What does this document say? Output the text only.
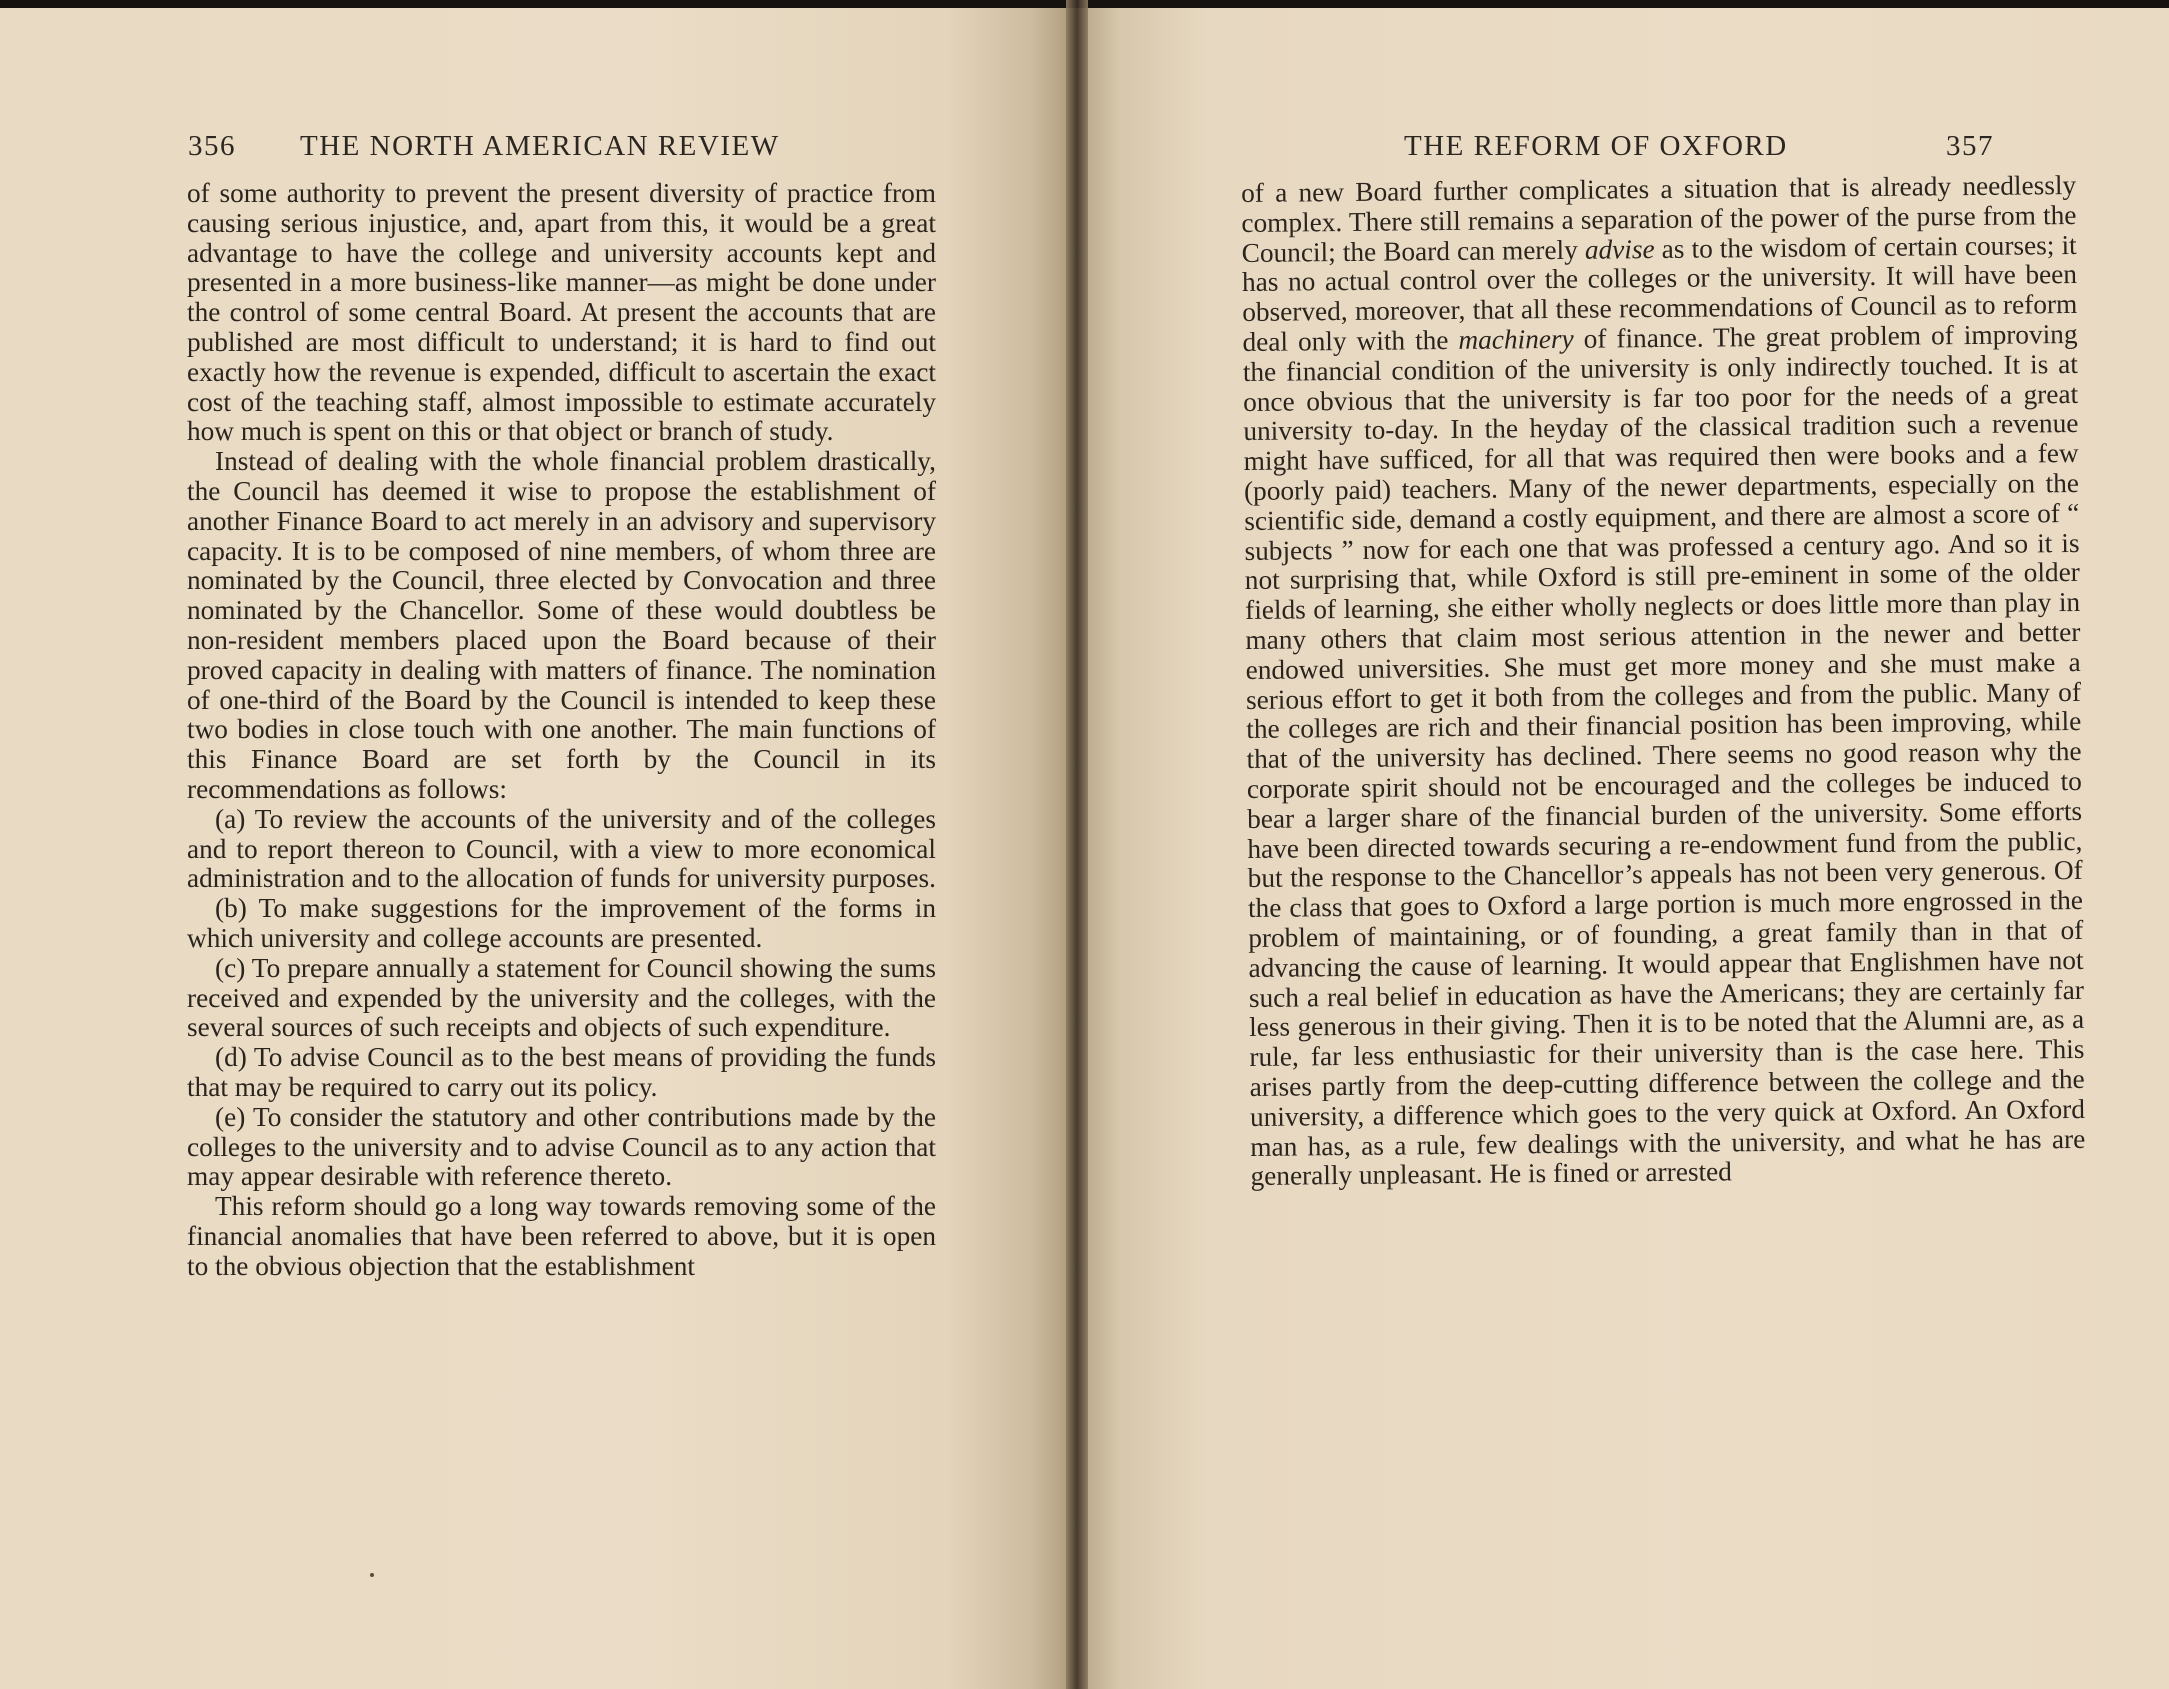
356 THE NORTH AMERICAN REVIEW

of some authority to prevent the present diversity of practice from causing serious injustice, and, apart from this, it would be a great advantage to have the college and university accounts kept and presented in a more business-like manner—as might be done under the control of some central Board. At present the accounts that are published are most difficult to understand; it is hard to find out exactly how the revenue is expended, difficult to ascertain the exact cost of the teaching staff, almost impossible to estimate accurately how much is spent on this or that object or branch of study.

Instead of dealing with the whole financial problem drastically, the Council has deemed it wise to propose the establishment of another Finance Board to act merely in an advisory and supervisory capacity. It is to be composed of nine members, of whom three are nominated by the Council, three elected by Convocation and three nominated by the Chancellor. Some of these would doubtless be non-resident members placed upon the Board because of their proved capacity in dealing with matters of finance. The nomination of one-third of the Board by the Council is intended to keep these two bodies in close touch with one another. The main functions of this Finance Board are set forth by the Council in its recommendations as follows:

(a) To review the accounts of the university and of the colleges and to report thereon to Council, with a view to more economical administration and to the allocation of funds for university purposes.

(b) To make suggestions for the improvement of the forms in which university and college accounts are presented.

(c) To prepare annually a statement for Council showing the sums received and expended by the university and the colleges, with the several sources of such receipts and objects of such expenditure.

(d) To advise Council as to the best means of providing the funds that may be required to carry out its policy.

(e) To consider the statutory and other contributions made by the colleges to the university and to advise Council as to any action that may appear desirable with reference thereto.

This reform should go a long way towards removing some of the financial anomalies that have been referred to above, but it is open to the obvious objection that the establishment

THE REFORM OF OXFORD	357

of a new Board further complicates a situation that is already needlessly complex. There still remains a separation of the power of the purse from the Council; the Board can merely advise as to the wisdom of certain courses; it has no actual control over the colleges or the university. It will have been observed, moreover, that all these recommendations of Council as to reform deal only with the machinery of finance. The great problem of improving the financial condition of the university is only indirectly touched. It is at once obvious that the university is far too poor for the needs of a great university to-day. In the heyday of the classical tradition such a revenue might have sufficed, for all that was required then were books and a few (poorly paid) teachers. Many of the newer departments, especially on the scientific side, demand a costly equipment, and there are almost a score of “ subjects ” now for each one that was professed a century ago. And so it is not surprising that, while Oxford is still pre-eminent in some of the older fields of learning, she either wholly neglects or does little more than play in many others that claim most serious attention in the newer and better endowed universities. She must get more money and she must make a serious effort to get it both from the colleges and from the public. Many of the colleges are rich and their financial position has been improving, while that of the university has declined. There seems no good reason why the corporate spirit should not be encouraged and the colleges be induced to bear a larger share of the financial burden of the university. Some efforts have been directed towards securing a re-endowment fund from the public, but the response to the Chancellor’s appeals has not been very generous. Of the class that goes to Oxford a large portion is much more engrossed in the problem of maintaining, or of founding, a great family than in that of advancing the cause of learning. It would appear that Englishmen have not such a real belief in education as have the Americans; they are certainly far less generous in their giving. Then it is to be noted that the Alumni are, as a rule, far less enthusiastic for their university than is the case here. This arises partly from the deep-cutting difference between the college and the university, a difference which goes to the very quick at Oxford. An Oxford man has, as a rule, few dealings with the university, and what he has are generally unpleasant. He is fined or arrested
